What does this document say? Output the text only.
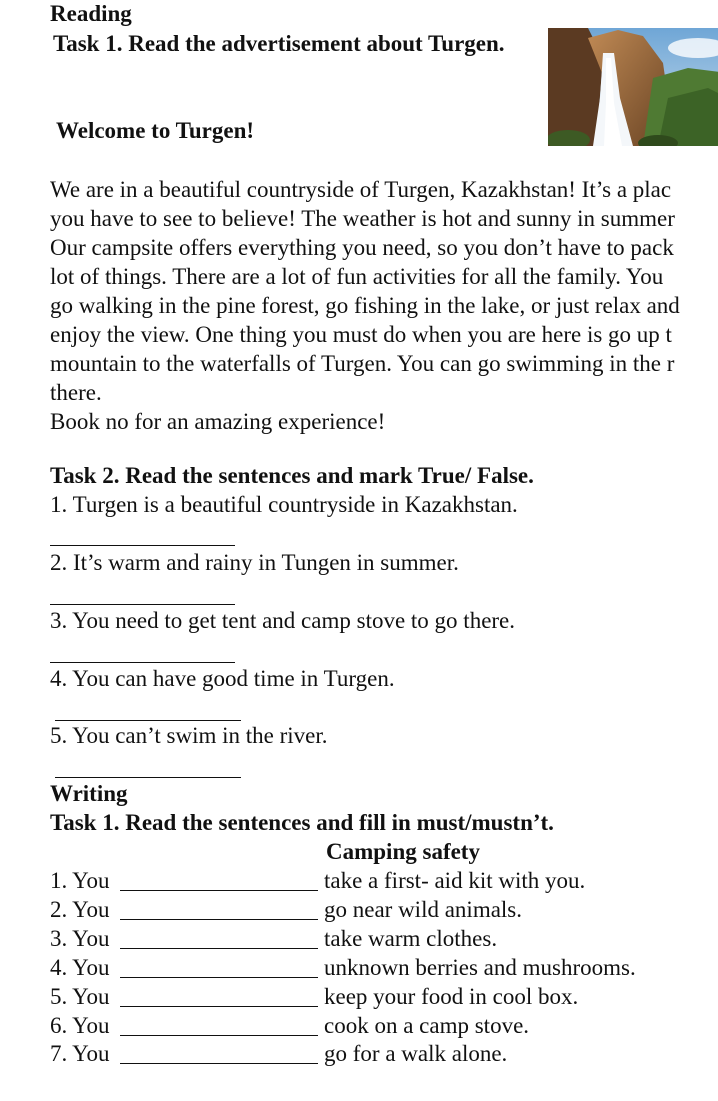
Reading
Task 1. Read the advertisement about Turgen.
Welcome to Turgen!
We are in a beautiful countryside of Turgen, Kazakhstan! It’s a plac
you have to see to believe! The weather is hot and sunny in summer
Our campsite offers everything you need, so you don’t have to pack
lot of things. There are a lot of fun activities for all the family. You
go walking in the pine forest, go fishing in the lake, or just relax and
enjoy the view. One thing you must do when you are here is go up t
mountain to the waterfalls of Turgen. You can go swimming in the r
there.
Book no for an amazing experience!
Task 2. Read the sentences and mark True/ False.
1. Turgen is a beautiful countryside in Kazakhstan.
2. It’s warm and rainy in Tungen in summer.
3. You need to get tent and camp stove to go there.
4. You can have good time in Turgen.
5. You can’t swim in the river.
Writing
Task 1. Read the sentences and fill in must/mustn’t.
Camping safety
1. You	take a first- aid kit with you.
2. You	go near wild animals.
3. You	take warm clothes.
4. You	unknown berries and mushrooms.
5. You	keep your food in cool box.
6. You	cook on a camp stove.
7. You	go for a walk alone.
